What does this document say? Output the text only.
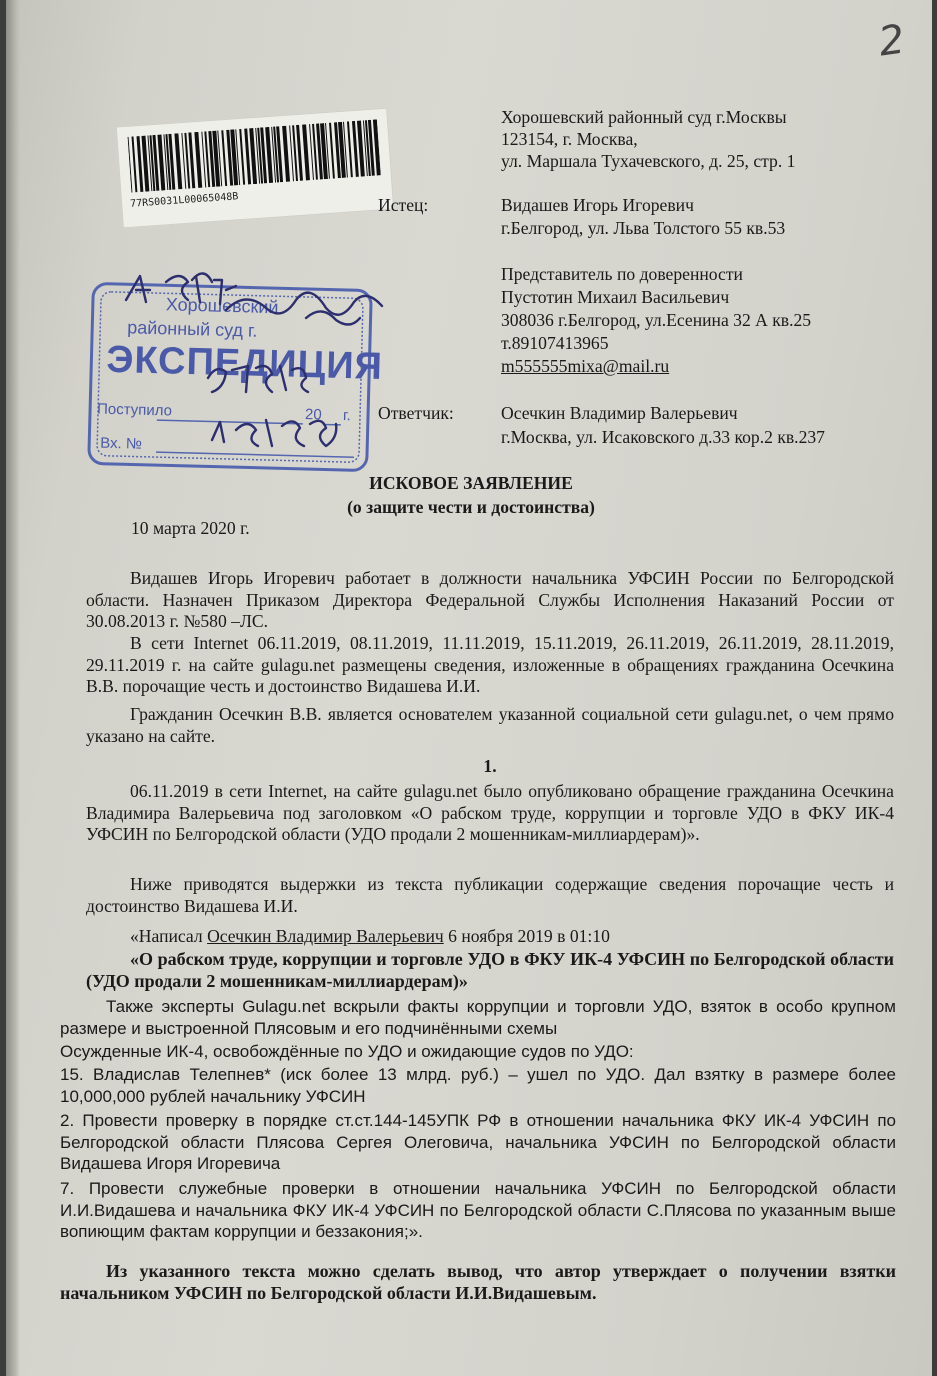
2
77RS0031L00065048B
Хорошевский
районный суд г.
ЭКСПЕДИЦИЯ
Поступило	20 г.
Вх. №
Хорошевский районный суд г.Москвы
123154, г. Москва,
ул. Маршала Тухачевского, д. 25, стр. 1
Истец:	Видашев Игорь Игоревич
г.Белгород, ул. Льва Толстого 55 кв.53
Представитель по доверенности
Пустотин Михаил Васильевич
308036 г.Белгород, ул.Есенина 32 А кв.25
т.89107413965
m555555mixa@mail.ru
Ответчик:	Осечкин Владимир Валерьевич
г.Москва, ул. Исаковского д.33 кор.2 кв.237
ИСКОВОЕ ЗАЯВЛЕНИЕ
(о защите чести и достоинства)
10 марта 2020 г.
Видашев Игорь Игоревич работает в должности начальника УФСИН России по Белгородской области. Назначен Приказом Директора Федеральной Службы Исполнения Наказаний России от 30.08.2013 г. №580 –ЛС.
В сети Internet 06.11.2019, 08.11.2019, 11.11.2019, 15.11.2019, 26.11.2019, 26.11.2019, 28.11.2019, 29.11.2019 г. на сайте gulagu.net размещены сведения, изложенные в обращениях гражданина Осечкина В.В. порочащие честь и достоинство Видашева И.И.
Гражданин Осечкин В.В. является основателем указанной социальной сети gulagu.net, о чем прямо указано на сайте.
1.
06.11.2019 в сети Internet, на сайте gulagu.net было опубликовано обращение гражданина Осечкина Владимира Валерьевича под заголовком «О рабском труде, коррупции и торговле УДО в ФКУ ИК-4 УФСИН по Белгородской области (УДО продали 2 мошенникам-миллиардерам)».
Ниже приводятся выдержки из текста публикации содержащие сведения порочащие честь и достоинство Видашева И.И.
«Написал Осечкин Владимир Валерьевич 6 ноября 2019 в 01:10
«О рабском труде, коррупции и торговле УДО в ФКУ ИК-4 УФСИН по Белгородской области (УДО продали 2 мошенникам-миллиардерам)»
Также эксперты Gulagu.net вскрыли факты коррупции и торговли УДО, взяток в особо крупном размере и выстроенной Плясовым и его подчинёнными схемы
Осужденные ИК-4, освобождённые по УДО и ожидающие судов по УДО:
15. Владислав Телепнев* (иск более 13 млрд. руб.) – ушел по УДО. Дал взятку в размере более 10,000,000 рублей начальнику УФСИН
2. Провести проверку в порядке ст.ст.144-145УПК РФ в отношении начальника ФКУ ИК-4 УФСИН по Белгородской области Плясова Сергея Олеговича, начальника УФСИН по Белгородской области Видашева Игоря Игоревича
7. Провести служебные проверки в отношении начальника УФСИН по Белгородской области И.И.Видашева и начальника ФКУ ИК-4 УФСИН по Белгородской области С.Плясова по указанным выше вопиющим фактам коррупции и беззакония;».
Из указанного текста можно сделать вывод, что автор утверждает о получении взятки начальником УФСИН по Белгородской области И.И.Видашевым.
